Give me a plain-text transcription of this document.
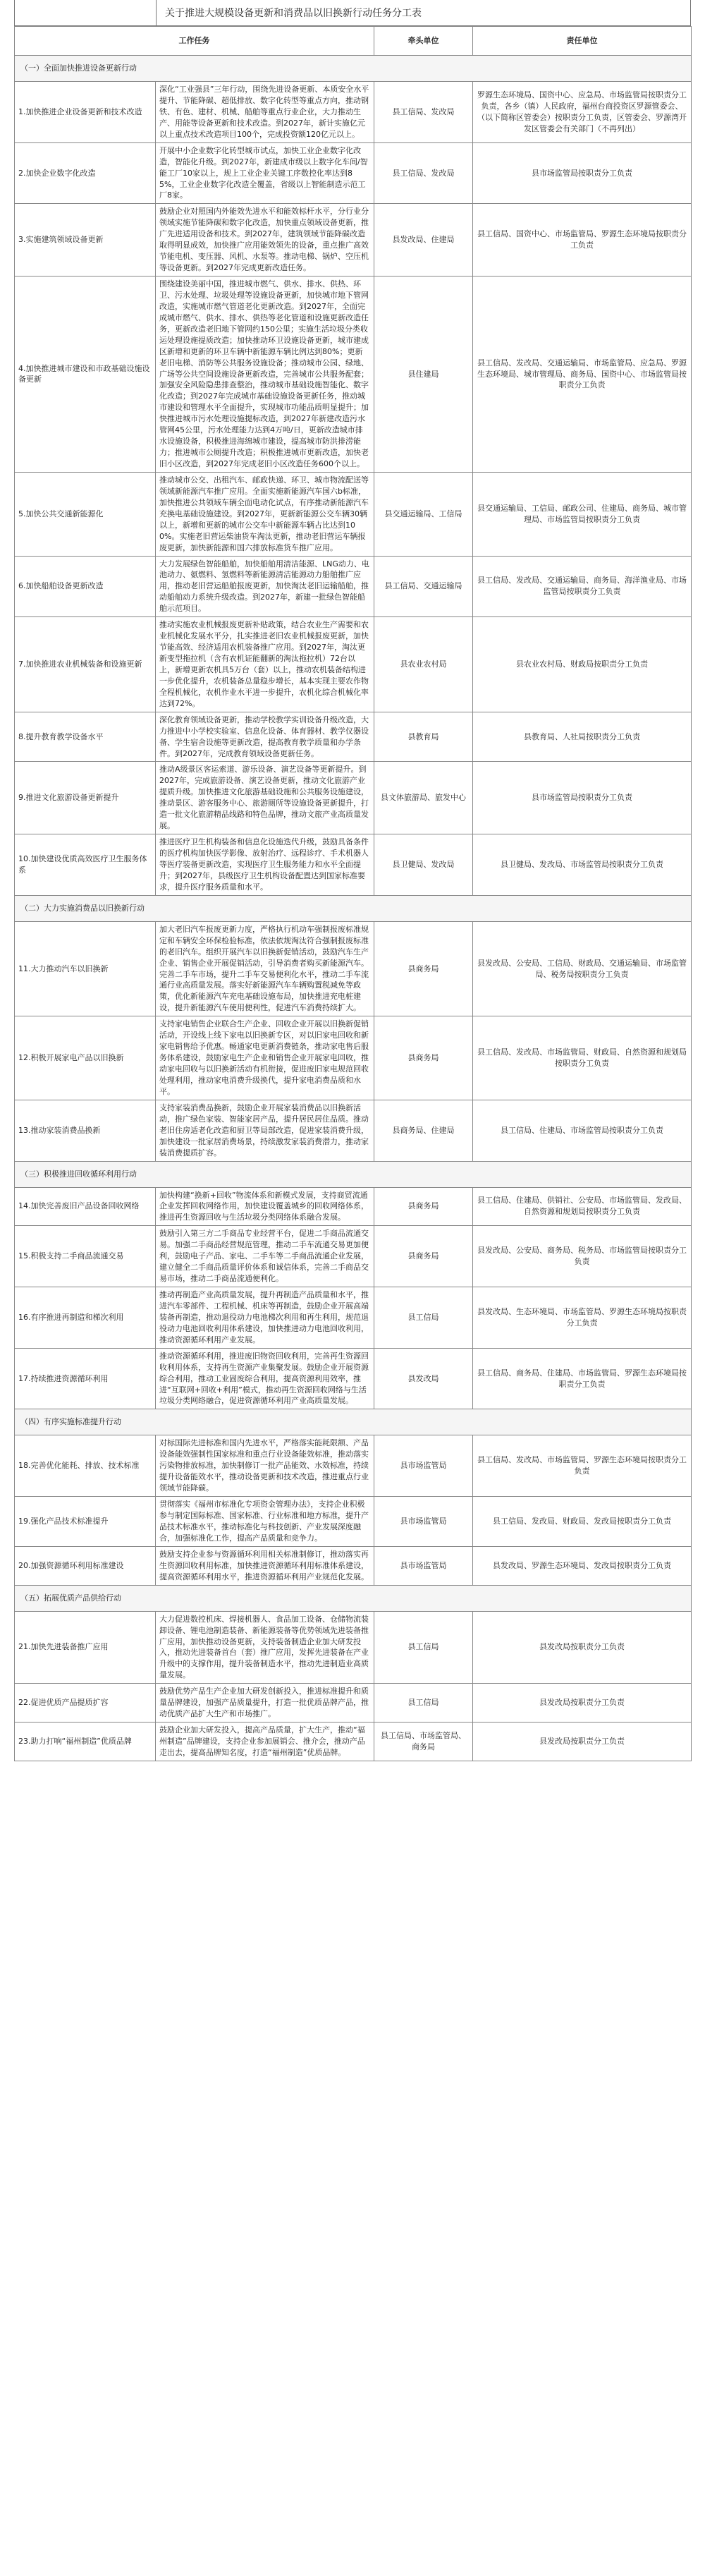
关于推进大规模设备更新和消费品以旧换新行动任务分工表
工作任务		牵头单位	责任单位
（一）全面加快推进设备更新行动			
1.加快推进企业设备更新和技术改造	深化“工业强县”三年行动，围绕先进设备更新、本质安全水平提升、节能降碳、超低排放、数字化转型等重点方向，推动钢铁、有色、建材、机械、船舶等重点行业企业，大力推动生产、用能等设备更新和技术改造。到2027年，新计实施亿元以上重点技术改造项目100个，完成投资额120亿元以上。	县工信局、发改局	罗源生态环境局、国资中心、应急局、市场监管局按职责分工负责，各乡（镇）人民政府，福州台商投资区罗源管委会、（以下简称区管委会）按职责分工负责，区管委会、罗源湾开发区管委会有关部门（不再列出）
2.加快企业数字化改造	开展中小企业数字化转型城市试点，加快工业企业数字化改造，智能化升级。到2027年，新建成市级以上数字化车间/智能工厂10家以上，规上工业企业关键工序数控化率达到85%，工业企业数字化改造全覆盖，省级以上智能制造示范工厂8家。	县工信局、发改局	县市场监管局按职责分工负责
3.实施建筑领域设备更新	鼓励企业对照国内外能效先进水平和能效标杆水平，分行业分领域实施节能降碳和数字化改造，加快重点领域设备更新，推广先进适用设备和技术。到2027年，建筑领域节能降碳改造取得明显成效，加快推广应用能效领先的设备，重点推广高效节能电机、变压器、风机、水泵等。推动电梯、锅炉、空压机等设备更新。到2027年完成更新改造任务。	县发改局、住建局	县工信局、国资中心、市场监管局、罗源生态环境局按职责分工负责
4.加快推进城市建设和市政基础设施设备更新	围绕建设美丽中国，推进城市燃气、供水、排水、供热、环卫、污水处理、垃圾处理等设施设备更新，加快城市地下管网改造，实施城市燃气管道老化更新改造。到2027年，全面完成城市燃气、供水、排水、供热等老化管道和设施更新改造任务，更新改造老旧地下管网约150公里；实施生活垃圾分类收运处理设施提质改造；加快推动环卫设施设备更新，城市建成区新增和更新的环卫车辆中新能源车辆比例达到80%；更新老旧电梯、消防等公共服务设施设备；推动城市公园、绿地、广场等公共空间设施设备更新改造，完善城市公共服务配套；加强安全风险隐患排查整治，推动城市基础设施智能化、数字化改造；到2027年完成城市基础设施设备更新任务，推动城市建设和管理水平全面提升，实现城市功能品质明显提升；加快推进城市污水处理设施提标改造，到2027年新建改造污水管网45公里，污水处理能力达到4万吨/日，更新改造城市排水设施设备，积极推进海绵城市建设，提高城市防洪排涝能力；推进城市公厕提升改造；积极推进城市更新改造，加快老旧小区改造，到2027年完成老旧小区改造任务600个以上。	县住建局	县工信局、发改局、交通运输局、市场监管局、应急局、罗源生态环境局、城市管理局、商务局、国资中心、市场监管局按职责分工负责
5.加快公共交通新能源化	推动城市公交、出租汽车、邮政快递、环卫、城市物流配送等领域新能源汽车推广应用。全面实施新能源汽车国六b标准，加快推进公共领域车辆全面电动化试点，有序推动新能源汽车充换电基础设施建设。到2027年，更新新能源公交车辆30辆以上，新增和更新的城市公交车中新能源车辆占比达到100%。实施老旧营运柴油货车淘汰更新，推动老旧营运车辆报废更新，加快新能源和国六排放标准货车推广应用。	县交通运输局、工信局	县交通运输局、工信局、邮政公司、住建局、商务局、城市管理局、市场监管局按职责分工负责
6.加快船舶设备更新改造	大力发展绿色智能船舶，加快船舶用清洁能源、LNG动力、电池动力、氨燃料、氢燃料等新能源清洁能源动力船舶推广应用，推动老旧营运船舶报废更新，加快淘汰老旧运输船舶，推动船舶动力系统升级改造。到2027年，新建一批绿色智能船舶示范项目。	县工信局、交通运输局	县工信局、发改局、交通运输局、商务局、海洋渔业局、市场监管局按职责分工负责
7.加快推进农业机械装备和设施更新	推动实施农业机械报废更新补贴政策，结合农业生产需要和农业机械化发展水平分，扎实推进老旧农业机械报废更新，加快节能高效、经济适用农机装备推广应用。到2027年，淘汰更新变型拖拉机（含有农机证能翻新的淘汰拖拉机）72台以上，新增更新农机具5万台（套）以上，推动农机装备结构进一步优化提升，农机装备总量稳步增长，基本实现主要农作物全程机械化，农机作业水平进一步提升，农机化综合机械化率达到72%。	县农业农村局	县农业农村局、财政局按职责分工负责
8.提升教育教学设备水平	深化教育领域设备更新，推动学校教学实训设备升级改造，大力推进中小学校实验室、信息化设备、体育器材、教学仪器设备、学生宿舍设施等更新改造，提高教育教学质量和办学条件。到2027年，完成教育领域设备更新任务。	县教育局	县教育局、人社局按职责分工负责
9.推进文化旅游设备更新提升	推动A级景区客运索道、游乐设备、演艺设备等更新提升。到2027年，完成旅游设备、演艺设备更新，推动文化旅游产业提质升级。加快推进文化旅游基础设施和公共服务设施建设，推动景区、游客服务中心、旅游厕所等设施设备更新提升，打造一批文化旅游精品线路和特色品牌，推动文旅产业高质量发展。	县文体旅游局、旅发中心	县市场监管局按职责分工负责
10.加快建设优质高效医疗卫生服务体系	推进医疗卫生机构装备和信息化设施迭代升级，鼓励具备条件的医疗机构加快医学影像、放射治疗、远程诊疗、手术机器人等医疗装备更新改造，实现医疗卫生服务能力和水平全面提升；到2027年，县级医疗卫生机构设备配置达到国家标准要求，提升医疗服务质量和水平。	县卫健局、发改局	县卫健局、发改局、市场监管局按职责分工负责
（二）大力实施消费品以旧换新行动			
11.大力推动汽车以旧换新	加大老旧汽车报废更新力度，严格执行机动车强制报废标准规定和车辆安全环保检验标准，依法依规淘汰符合强制报废标准的老旧汽车。组织开展汽车以旧换新促销活动，鼓励汽车生产企业、销售企业开展促销活动，引导消费者购买新能源汽车。完善二手车市场，提升二手车交易便利化水平，推动二手车流通行业高质量发展。落实好新能源汽车车辆购置税减免等政策，优化新能源汽车充电基础设施布局，加快推进充电桩建设，提升新能源汽车使用便利性，促进汽车消费持续扩大。	县商务局	县发改局、公安局、工信局、财政局、交通运输局、市场监管局、税务局按职责分工负责
12.积极开展家电产品以旧换新	支持家电销售企业联合生产企业、回收企业开展以旧换新促销活动，开设线上线下家电以旧换新专区，对以旧家电回收和新家电销售给予优惠。畅通家电更新消费链条，推动家电售后服务体系建设，鼓励家电生产企业和销售企业开展家电回收，推动家电回收与以旧换新活动有机衔接，促进废旧家电规范回收处理利用，推动家电消费升级换代，提升家电消费品质和水平。	县商务局	县工信局、发改局、市场监管局、财政局、自然资源和规划局按职责分工负责
13.推动家装消费品换新	支持家装消费品换新，鼓励企业开展家装消费品以旧换新活动，推广绿色家装、智能家居产品，提升居民居住品质。推动老旧住房适老化改造和厨卫等局部改造，促进家装消费升级，加快建设一批家居消费场景，持续激发家装消费潜力，推动家装消费提质扩容。	县商务局、住建局	县工信局、住建局、市场监管局按职责分工负责
（三）积极推进回收循环利用行动			
14.加快完善废旧产品设备回收网络	加快构建“换新+回收”物流体系和新模式发展，支持商贸流通企业发挥回收网络作用，加快建设覆盖城乡的回收网络体系，推进再生资源回收与生活垃圾分类网络体系融合发展。	县商务局	县工信局、住建局、供销社、公安局、市场监管局、发改局、自然资源和规划局按职责分工负责
15.积极支持二手商品流通交易	鼓励引入第三方二手商品专业经营平台，促进二手商品流通交易。加强二手商品经营规范管理，推动二手车流通交易更加便利，鼓励电子产品、家电、二手车等二手商品流通企业发展，建立健全二手商品质量评价体系和诚信体系，完善二手商品交易市场，推动二手商品流通便利化。	县商务局	县发改局、公安局、商务局、税务局、市场监管局按职责分工负责
16.有序推进再制造和梯次利用	推动再制造产业高质量发展，提升再制造产品质量和水平，推进汽车零部件、工程机械、机床等再制造，鼓励企业开展高端装备再制造，推动退役动力电池梯次利用和再生利用，规范退役动力电池回收利用体系建设，加快推进动力电池回收利用，推动资源循环利用产业发展。	县工信局	县发改局、生态环境局、市场监管局、罗源生态环境局按职责分工负责
17.持续推进资源循环利用	推动资源循环利用，推进废旧物资回收利用，完善再生资源回收利用体系，支持再生资源产业集聚发展。鼓励企业开展资源综合利用，推动工业固废综合利用，提高资源利用效率，推进“互联网+回收+利用”模式，推动再生资源回收网络与生活垃圾分类网络融合，促进资源循环利用产业高质量发展。	县发改局	县工信局、商务局、住建局、市场监管局、罗源生态环境局按职责分工负责
（四）有序实施标准提升行动			
18.完善优化能耗、排放、技术标准	对标国际先进标准和国内先进水平，严格落实能耗限额、产品设备能效强制性国家标准和重点行业设备能效标准，推动落实污染物排放标准，加快制修订一批产品能效、水效标准，持续提升设备能效水平，推动设备更新和技术改造，推进重点行业领域节能降碳。	县市场监管局	县工信局、发改局、市场监管局、罗源生态环境局按职责分工负责
19.强化产品技术标准提升	贯彻落实《福州市标准化专项资金管理办法》，支持企业积极参与制定国际标准、国家标准、行业标准和地方标准，提升产品技术标准水平，推动标准化与科技创新、产业发展深度融合，加强标准化工作，提高产品质量和竞争力。	县市场监管局	县工信局、发改局、财政局、发改局按职责分工负责
20.加强资源循环利用标准建设	鼓励支持企业参与资源循环利用相关标准制修订，推动落实再生资源回收利用标准，加快推进资源循环利用标准体系建设，提高资源循环利用水平，推进资源循环利用产业规范化发展。	县市场监管局	县发改局、罗源生态环境局、发改局按职责分工负责
（五）拓展优质产品供给行动			
21.加快先进装备推广应用	大力促进数控机床、焊接机器人、食品加工设备、仓储物流装卸设备、锂电池制造装备、新能源装备等优势领域先进装备推广应用，加快推动设备更新，支持装备制造企业加大研发投入，推动先进装备首台（套）推广应用，发挥先进装备在产业升级中的支撑作用，提升装备制造水平，推动先进制造业高质量发展。	县工信局	县发改局按职责分工负责
22.促进优质产品提质扩容	鼓励优势产品生产企业加大研发创新投入，推进标准提升和质量品牌建设，加强产品质量提升，打造一批优质品牌产品，推动优质产品扩大生产和市场推广。	县工信局	县发改局按职责分工负责
23.助力打响“福州制造”优质品牌	鼓励企业加大研发投入，提高产品质量，扩大生产，推动“福州制造”品牌建设，支持企业参加展销会、推介会，推动产品走出去，提高品牌知名度，打造“福州制造”优质品牌。	县工信局、市场监管局、商务局	县发改局按职责分工负责
